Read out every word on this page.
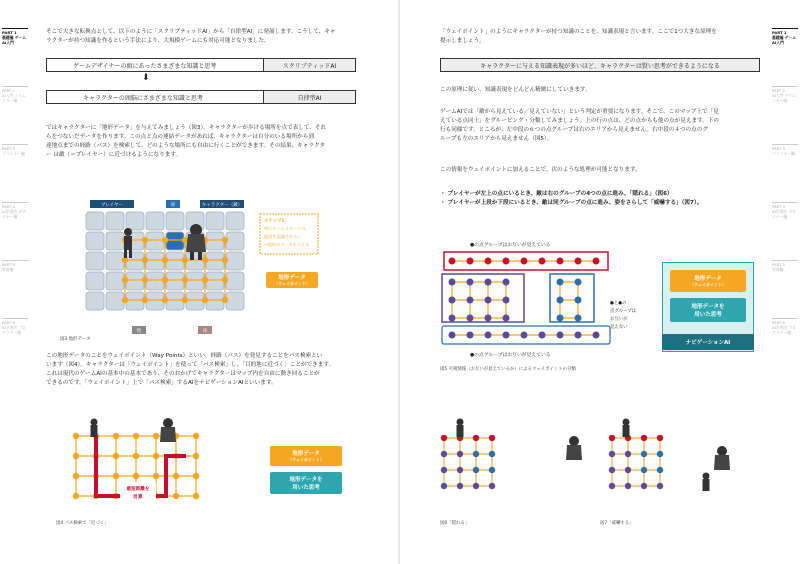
そこで大きな転換点として、以下のように「スクリプティッドAI」から「自律型AI」に発展します。こうして、キャ
ラクターが持つ知識を作るという手法により、大規模ゲームにも対応可能となりました。
ゲームデザイナーの頭にあったさまざまな知識と思考	スクリプティッドAI
⬇
キャラクターの頭脳にさまざまな知識と思考	自律型AI
ではキャラクターに「地形データ」を与えてみましょう（図3）。キャラクターが歩ける場所を点で表して、それ
らをつないだデータを作ります。この点と点の連結データがあれば、キャラクターは自分のいる場所から到
達地点までの経路（パス）を検索して、どのような場所にも自由に行くことができます。その結果、キャラクタ
ー は敵（＝プレイヤー）に近づけるようになります。
プレイヤー	扉	キャラクター（敵）
壁	床
ステップ1：
AIにゲームステージの
地形を認識させたい
→地形のデータを与える
地形データ
（ウェイポイント）
図3 地形データ
この地形データのことをウェイポイント（Way Points）といい、経路（パス）を発見することをパス検索とい
います（図4）。キャラクターは「ウェイポイント」を使って「パス検索」し、「目的地に近づく」ことができます。
これは現代のゲームAIの基本中の基本であり、そのおかげでキャラクターはマップ内を自由に動き回ることが
できるのです。「ウェイポイント」上で「パス検索」するAIをナビゲーションAIといいます。
最短距離を
計算
地形データ
（ウェイポイント）
地形データを
用いた思考
図4 パス検索で「近づく」
PART 1
基礎編 ゲームAI入門
PART 2
AI入門 クリエイター編
PART 3
プランナー編
PART 4
AI学習法 デザイナー編
PART 5
実装編
PART 6
AI学習法 プログラマー編
「ウェイポイント」のようにキャラクターが持つ知識のことを、知識表現と言います。ここで1つ大きな原理を
提示しましょう。
キャラクターに与える知識表現が多いほど、キャラクターは賢い思考ができるようになる
この原理に従い、知識表現をどんどん精緻にしていきます。
ゲームAIでは「敵から見えている／見えていない」という判定が重要になります。そこで、このマップ上で「見
えている点同士」をグルーピング・分類してみましょう。上の行の点は、どの点からも他の点が見えます。下の
行も同様です。ところが、左中段の６つの点グループは右のエリアから見えません。右中段の４つの点のグ
ループも左のエリアから見えません（図5）。
この情報をウェイポイントに加えることで、次のような処理が可能となります。
・ プレイヤーが左上の点にいるとき、敵は右のグループの4つの点に進み、「隠れる」（図6）
・ プレイヤーが上段か下段にいるとき、敵は同グループの点に進み、姿をさらして「威嚇する」（図7）。
●の点グループはお互いが見えている
●と●の
点グループは
お互いが
見えない
●の点グループはお互いが見えている
地形データ
（ウェイポイント）
地形データを
用いた思考
ナビゲーションAI
図5 可視情報（お互いが見えているか）によるウェイポイントの分類
図6「隠れる」	図7「威嚇する」
PART 1
基礎編 ゲームAI入門
PART 2
AI入門 クリエイター編
PART 3
プランナー編
PART 4
AI学習法 デザイナー編
PART 5
実装編
PART 6
AI学習法 プログラマー編
